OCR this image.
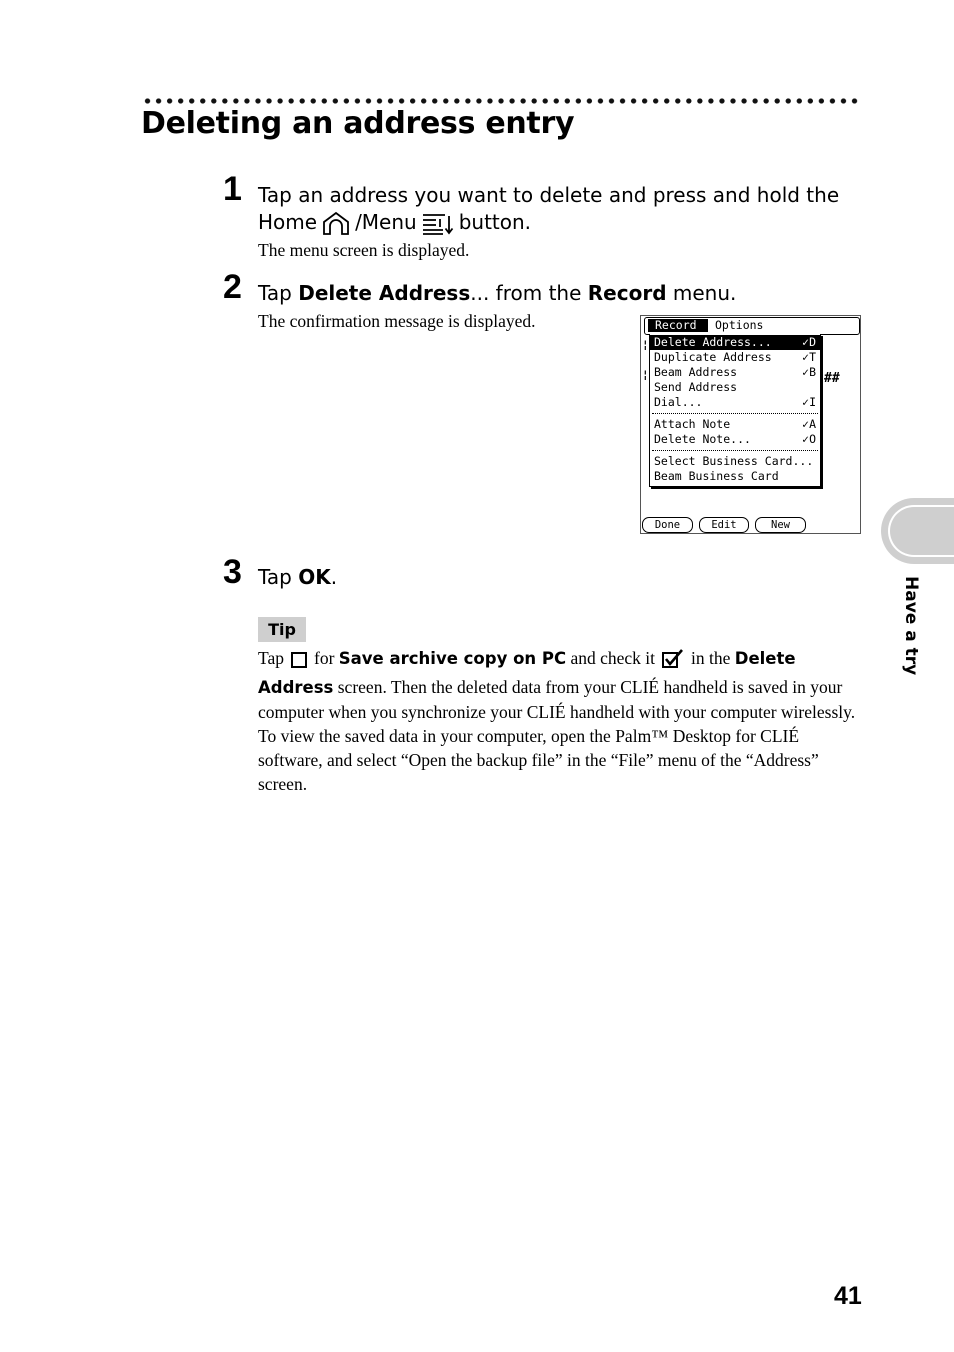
Deleting an address entry
1 Tap an address you want to delete and press and hold the
Home /Menu button.
The menu screen is displayed.
2 Tap Delete Address... from the Record menu.
The confirmation message is displayed.
¦
¦
Record	Options
Delete Address...	✓D
Duplicate Address	✓T
Beam Address	✓B
Send Address
Dial...	✓I
Attach Note	✓A
Delete Note...	✓O
Select Business Card...
Beam Business Card
##
Done	Edit	New
3 Tap OK.
Tip
Tap for Save archive copy on PC and check it in the Delete Address screen. Then the deleted data from your CLIÉ handheld is saved in your computer when you synchronize your CLIÉ handheld with your computer wirelessly.
To view the saved data in your computer, open the Palm™ Desktop for CLIÉ software, and select “Open the backup file” in the “File” menu of the “Address” screen.
Have a try
41
